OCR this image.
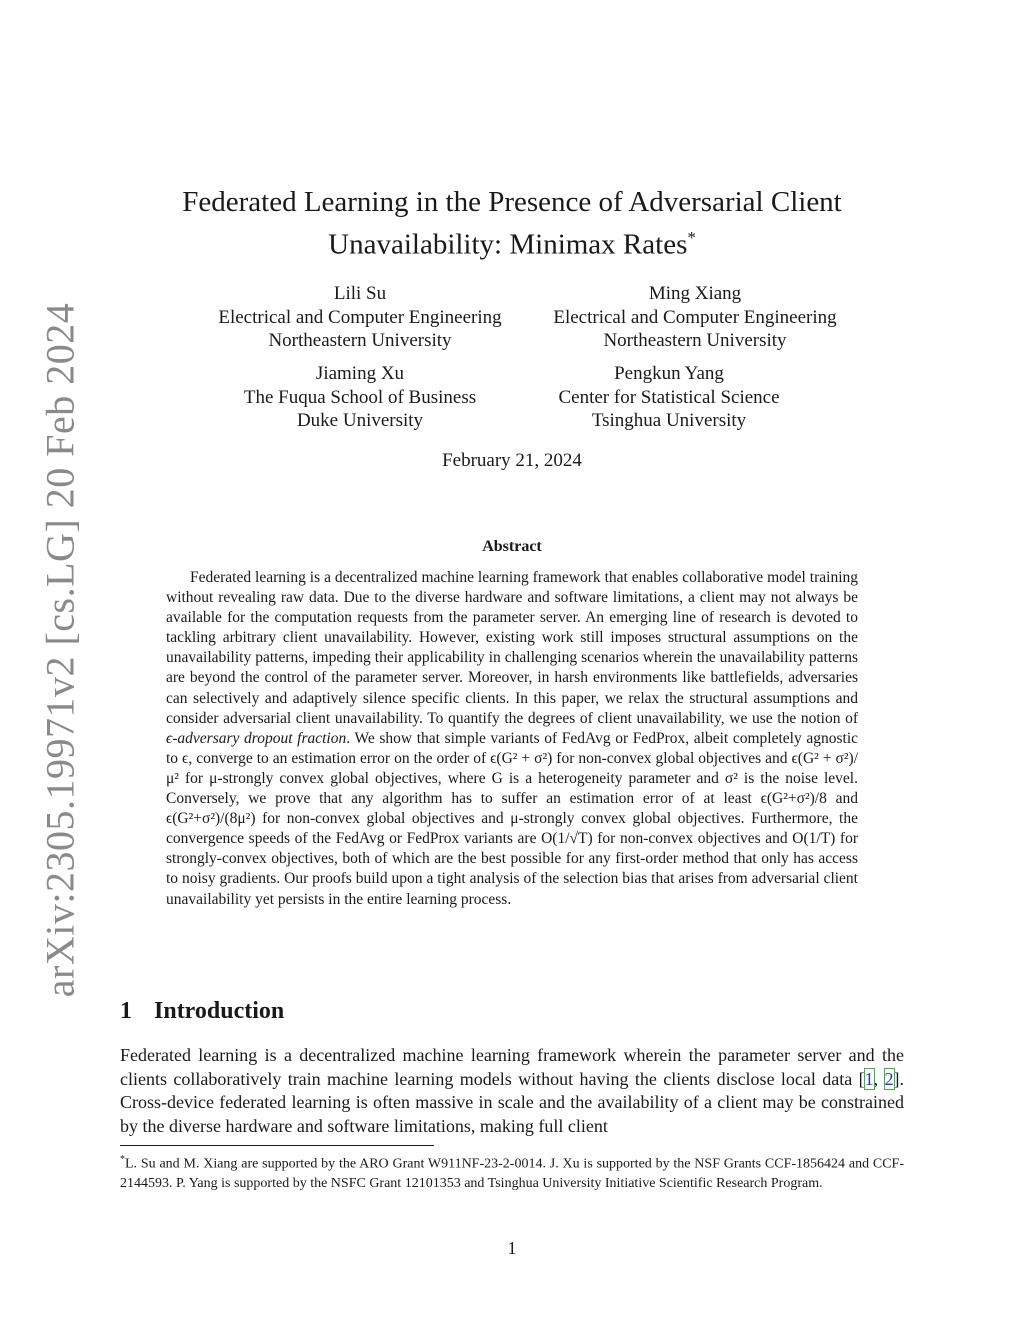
arXiv:2305.19971v2 [cs.LG] 20 Feb 2024
Federated Learning in the Presence of Adversarial Client
Unavailability: Minimax Rates*
Lili Su
Electrical and Computer Engineering
Northeastern University
Ming Xiang
Electrical and Computer Engineering
Northeastern University
Jiaming Xu
The Fuqua School of Business
Duke University
Pengkun Yang
Center for Statistical Science
Tsinghua University
February 21, 2024
Abstract

Federated learning is a decentralized machine learning framework that enables collaborative model training without revealing raw data. Due to the diverse hardware and software limitations, a client may not always be available for the computation requests from the parameter server. An emerging line of research is devoted to tackling arbitrary client unavailability. However, existing work still imposes structural assumptions on the unavailability patterns, impeding their applicability in challenging scenarios wherein the unavailability patterns are beyond the control of the parameter server. Moreover, in harsh environments like battlefields, adversaries can selectively and adaptively silence specific clients. In this paper, we relax the structural assumptions and consider adversarial client unavailability. To quantify the degrees of client unavailability, we use the notion of ϵ-adversary dropout fraction. We show that simple variants of FedAvg or FedProx, albeit completely agnostic to ϵ, converge to an estimation error on the order of ϵ(G² + σ²) for non-convex global objectives and ϵ(G² + σ²)/μ² for μ-strongly convex global objectives, where G is a heterogeneity parameter and σ² is the noise level. Conversely, we prove that any algorithm has to suffer an estimation error of at least ϵ(G²+σ²)/8 and ϵ(G²+σ²)/(8μ²) for non-convex global objectives and μ-strongly convex global objectives. Furthermore, the convergence speeds of the FedAvg or FedProx variants are O(1/√T) for non-convex objectives and O(1/T) for strongly-convex objectives, both of which are the best possible for any first-order method that only has access to noisy gradients. Our proofs build upon a tight analysis of the selection bias that arises from adversarial client unavailability yet persists in the entire learning process.

1 Introduction

Federated learning is a decentralized machine learning framework wherein the parameter server and the clients collaboratively train machine learning models without having the clients disclose local data [1, 2]. Cross-device federated learning is often massive in scale and the availability of a client may be constrained by the diverse hardware and software limitations, making full client

*L. Su and M. Xiang are supported by the ARO Grant W911NF-23-2-0014. J. Xu is supported by the NSF Grants CCF-1856424 and CCF-2144593. P. Yang is supported by the NSFC Grant 12101353 and Tsinghua University Initiative Scientific Research Program.

1
